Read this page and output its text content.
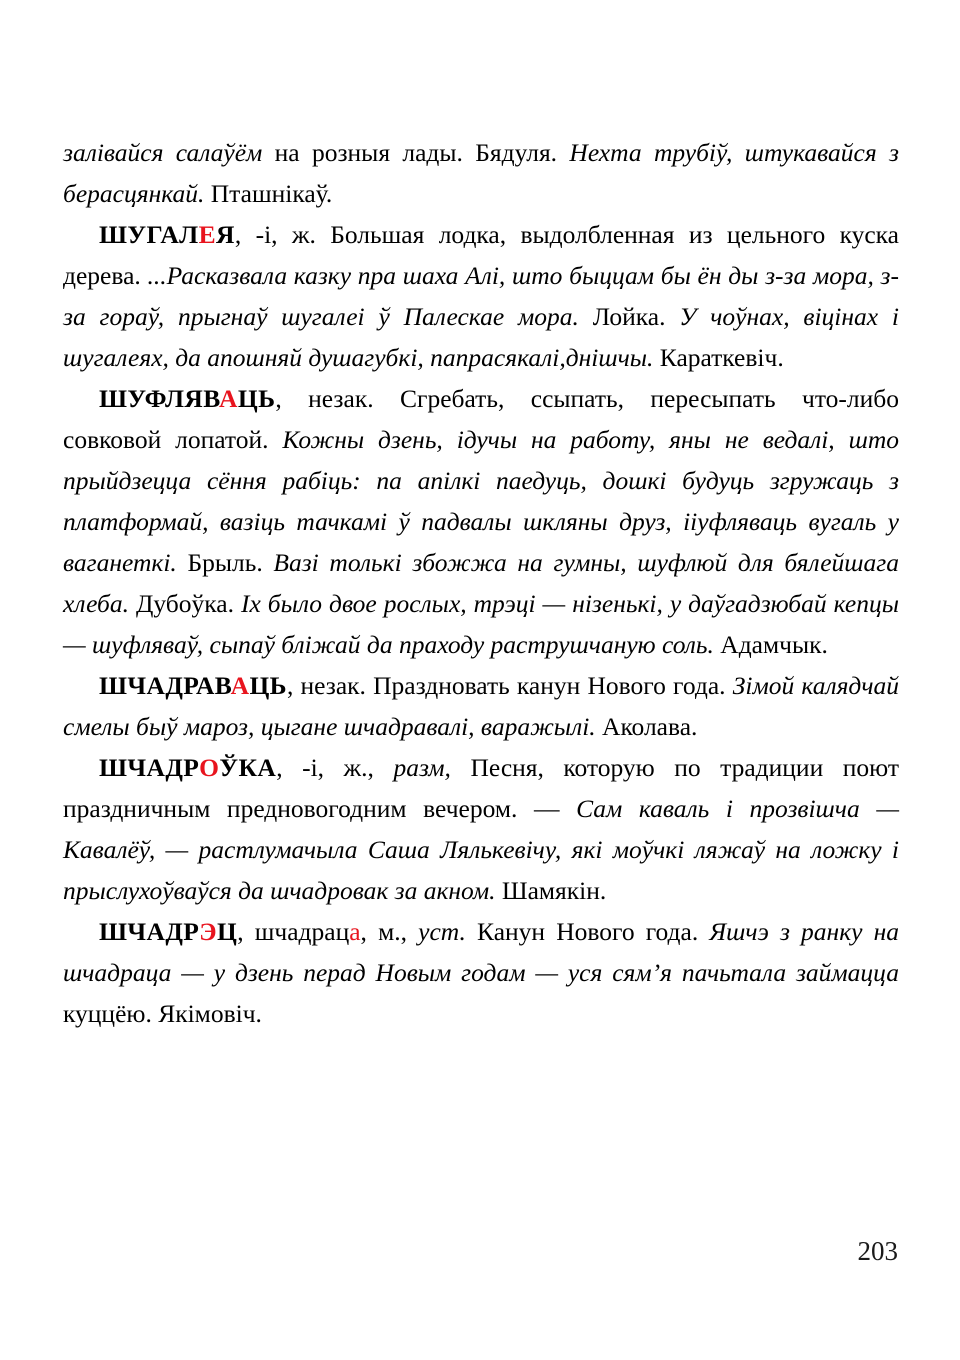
залівайся салаўём на розныя лады. Бядуля. Нехта трубіў, штукавайся з берасцянкай. Пташнікаў.

ШУГАЛЕЯ, -і, ж. Большая лодка, выдолбленная из цельного куска дерева. ...Расказвала казку пра шаха Алі, што быццам бы ён ды з-за мора, з-за гораў, прыгнаў шугалеі ў Палескае мора. Лойка. У чоўнах, віцінах і шугалеях, да апошняй душагубкі, папрасякалі,днішчы. Караткевіч.

ШУФЛЯВАЦЬ, незак. Сгребать, ссыпать, пересыпать что-либо совковой лопатой. Кожны дзень, ідучы на работу, яны не ведалі, што прыйдзецца сёння рабіць: па апілкі паедуць, дошкі будуць згружаць з платформай, вазіць тачкамі ў падвалы шкляны друз, ііуфляваць вугаль у ваганеткі. Брыль. Вазі толькі збожжа на гумны, шуфлюй для бялейшага хлеба. Дубоўка. Іх было двое рослых, трэці — нізенькі, у даўгадзюбай кепцы — шуфляваў, сыпаў бліжай да праходу раструшчаную соль. Адамчык.

ШЧАДРАВАЦЬ, незак. Праздновать канун Нового года. Зімой калядчай смелы быў мароз, цыгане шчадравалі, варажылі. Аколава.

ШЧАДРОЎКА, -і, ж., разм, Песня, которую по традиции поют праздничным предновогодним вечером. — Сам каваль і прозвішча — Кавалёў, — растлумачыла Саша Лялькевічу, які моўчкі ляжаў на ложку і прыслухоўваўся да шчадровак за акном. Шамякін.

ШЧАДРЭЦ, шчадраца, м., уст. Канун Нового года. Яшчэ з ранку на шчадраца — у дзень перад Новым годам — уся сям’я пачьтала займацца куццёю. Якімовіч.

203
